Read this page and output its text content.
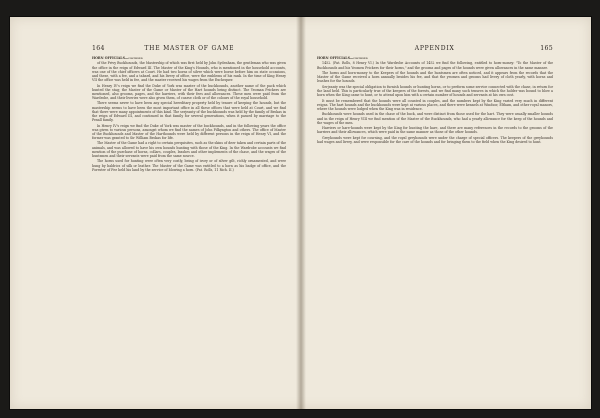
164	THE MASTER OF GAME

HORN OFFICIALS—continued

of the Privy Buckhounds, the Mastership of which was first held by John Sydenham, the gentleman who was given the office in the reign of Edward III. The Master of the King's Hounds, who is mentioned in the household accounts, was one of the chief officers at Court. He had two horns of silver which were borne before him on state occasions, and these, with a fee, and a tabard, and his livery of office, were the emblems of his rank. In the time of King Henry VII the office was held in fee, and the master received his wages from the Exchequer.

In Henry IV's reign we find the Duke of York was master of the buckhounds, another name of the pack which hunted the stag; the Master of the Game or Master of the Hart hounds being distinct. The Yeoman Prickers are mentioned, also grooms, pages, and the harriers, with their fees and allowances. These men were paid from the Wardrobe, and their liveries were also given them, of coarse cloth or of the colours of the royal household.

There seems never to have been any special hereditary property held by tenure of keeping the hounds, but the mastership seems to have been the most important office in all these offices that were held at Court, and we find that there were many appointments of this kind. The serjeanty of the buckhounds was held by the family of Brokas in the reign of Edward III, and continued in that family for several generations, when it passed by marriage to the Pexall family.

In Henry IV's reign we find the Duke of York was master of the buckhounds, and in the following years the office was given to various persons, amongst whom we find the names of John Pilkyngton and others. The office of Master of the Buckhounds and Master of the Harthounds were held by different persons in the reign of Henry VI, and the former was granted to Sir William Brokas for life.

The Master of the Game had a right to certain perquisites, such as the skins of deer taken and certain parts of the animals, and was allowed to have his own hounds hunting with those of the King. In the Wardrobe accounts we find mention of the purchase of horns, collars, couples, leashes and other implements of the chase, and the wages of the huntsmen and their servants were paid from the same source.

The horns used for hunting were often very costly, being of ivory or of silver gilt, richly ornamented, and were hung by baldrics of silk or leather. The Master of the Game was entitled to a horn as his badge of office, and the Forester of Fee held his land by the service of blowing a horn. (Pat. Rolls, 11 Rich. II.)

APPENDIX	165

HORN OFFICIALS—continued

1452. (Pat. Rolls, 8 Henry VI.) In the Wardrobe Accounts of 1452 we find the following, entitled to horn-money: "To the Master of the Buckhounds and his Yeomen Prickers for their horns," and the grooms and pages of the hounds were given allowances in the same manner.

The horns and horn-money to the Keepers of the hounds and the huntsmen are often noticed, and it appears from the records that the Master of the Game received a horn annually besides his fee, and that the yeomen and grooms had livery of cloth yearly, with horns and leashes for the hounds.

Serjeanty was the special obligation to furnish hounds or hunting horns, or to perform some service connected with the chase, in return for the land held. This is particularly true of the keepers of the forests, and we find many such tenures in which the holder was bound to blow a horn when the King came to hunt, or to attend upon him with a certain number of hounds and servants at his own cost.

It must be remembered that the hounds were all counted in couples, and the numbers kept by the King varied very much in different reigns. The hart hounds and the buckhounds were kept at various places, and there were kennels at Windsor, Eltham, and other royal manors, where the hounds were lodged when the King was in residence.

Buckhounds were hounds used in the chase of the buck, and were distinct from those used for the hart. They were usually smaller hounds and in the reign of Henry VIII we find mention of the Master of the Buckhounds, who had a yearly allowance for the keep of the hounds and the wages of the men.

Harriers or hare-hounds were kept by the King for hunting the hare, and there are many references in the records to the grooms of the harriers and their allowances, which were paid in the same manner as those of the other hounds.

Greyhounds were kept for coursing, and the royal greyhounds were under the charge of special officers. The keepers of the greyhounds had wages and livery, and were responsible for the care of the hounds and for bringing them to the field when the King desired to hunt.
